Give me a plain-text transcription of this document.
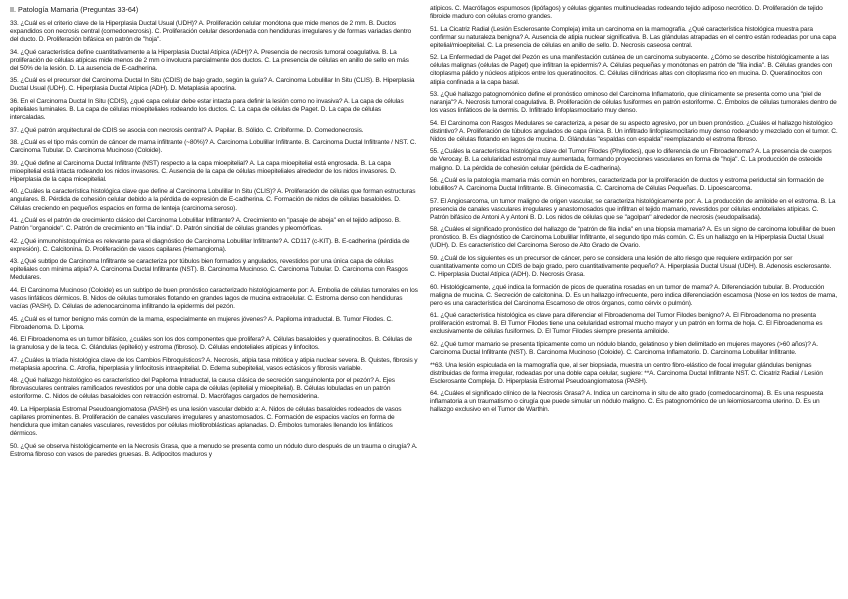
II. Patología Mamaria (Preguntas 33-64)

33. ¿Cuál es el criterio clave de la Hiperplasia Ductal Usual (UDH)? A. Proliferación celular monótona que mide menos de 2 mm. B. Ductos expandidos con necrosis central (comedonecrosis). C. Proliferación celular desordenada con hendiduras irregulares y de formas variadas dentro del ducto. D. Proliferación bifásica en patrón de "hoja".

34. ¿Qué característica define cuantitativamente a la Hiperplasia Ductal Atípica (ADH)? A. Presencia de necrosis tumoral coagulativa. B. La proliferación de células atípicas mide menos de 2 mm o involucra parcialmente dos ductos. C. La presencia de células en anillo de sello en más del 50% de la lesión. D. La ausencia de E-cadherina.

35. ¿Cuál es el precursor del Carcinoma Ductal In Situ (CDIS) de bajo grado, según la guía? A. Carcinoma Lobulillar In Situ (CLIS). B. Hiperplasia Ductal Usual (UDH). C. Hiperplasia Ductal Atípica (ADH). D. Metaplasia apocrina.

36. En el Carcinoma Ductal In Situ (CDIS), ¿qué capa celular debe estar intacta para definir la lesión como no invasiva? A. La capa de células epiteliales luminales. B. La capa de células mioepiteliales rodeando los ductos. C. La capa de células de Paget. D. La capa de células intercaladas.

37. ¿Qué patrón arquitectural de CDIS se asocia con necrosis central? A. Papilar. B. Sólido. C. Cribiforme. D. Comedonecrosis.

38. ¿Cuál es el tipo más común de cáncer de mama infiltrante (~80%)? A. Carcinoma Lobulillar Infiltrante. B. Carcinoma Ductal Infiltrante / NST. C. Carcinoma Tubular. D. Carcinoma Mucinoso (Coloide).

39. ¿Qué define al Carcinoma Ductal Infiltrante (NST) respecto a la capa mioepitelial? A. La capa mioepitelial está engrosada. B. La capa mioepitelial está intacta rodeando los nidos invasores. C. Ausencia de la capa de células mioepiteliales alrededor de los nidos invasores. D. Hiperplasia de la capa mioepitelial.

40. ¿Cuáles la característica histológica clave que define al Carcinoma Lobulillar In Situ (CLIS)? A. Proliferación de células que forman estructuras angulares. B. Pérdida de cohesión celular debido a la pérdida de expresión de E-cadherina. C. Formación de nidos de células basaloides. D. Células creciendo en pequeños espacios en forma de lenteja (carcinoma seroso).

41. ¿Cuál es el patrón de crecimiento clásico del Carcinoma Lobulillar Infiltrante? A. Crecimiento en "pasaje de abeja" en el tejido adiposo. B. Patrón "organoide". C. Patrón de crecimiento en "fila india". D. Patrón sincitial de células grandes y pleomórficas.

42. ¿Qué inmunohistoquímica es relevante para el diagnóstico de Carcinoma Lobulillar Infiltrante? A. CD117 (c-KIT). B. E-cadherina (pérdida de expresión). C. Calcitonina. D. Proliferación de vasos capilares (Hemangioma).

43. ¿Qué subtipo de Carcinoma Infiltrante se caracteriza por túbulos bien formados y angulados, revestidos por una única capa de células epiteliales con mínima atipia? A. Carcinoma Ductal Infiltrante (NST). B. Carcinoma Mucinoso. C. Carcinoma Tubular. D. Carcinoma con Rasgos Medulares.

44. El Carcinoma Mucinoso (Coloide) es un subtipo de buen pronóstico caracterizado histológicamente por: A. Embolia de células tumorales en los vasos linfáticos dérmicos. B. Nidos de células tumorales flotando en grandes lagos de mucina extracelular. C. Estroma denso con hendiduras vacías (PASH). D. Células de adenocarcinoma infiltrando la epidermis del pezón.

45. ¿Cuál es el tumor benigno más común de la mama, especialmente en mujeres jóvenes? A. Papiloma intraductal. B. Tumor Filodes. C. Fibroadenoma. D. Lipoma.

46. El Fibroadenoma es un tumor bifásico, ¿cuáles son los dos componentes que prolifera? A. Células basaloides y queratinocitos. B. Células de la granulosa y de la teca. C. Glándulas (epitelio) y estroma (fibroso). D. Células endoteliales atípicas y linfocitos.

47. ¿Cuáles la tríada histológica clave de los Cambios Fibroquísticos? A. Necrosis, atipia tasa mitótica y atipia nuclear severa. B. Quistes, fibrosis y metaplasia apocrina. C. Atrofia, hiperplasia y linfocitosis intraepitelial. D. Edema subepitelial, vasos ectásicos y fibrosis variable.

48. ¿Qué hallazgo histológico es característico del Papiloma Intraductal, la causa clásica de secreción sanguinolenta por el pezón? A. Ejes fibrovasculares centrales ramificados revestidos por una doble capa de células (epitelial y mioepitelial). B. Células lobuladas en un patrón estoriforme. C. Nidos de células basaloides con retracción estromal. D. Macrófagos cargados de hemosiderina.

49. La Hiperplasia Estromal Pseudoangiomatosa (PASH) es una lesión vascular debido a: A. Nidos de células basaloides rodeados de vasos capilares prominentes. B. Proliferación de canales vasculares irregulares y anastomosados. C. Formación de espacios vacíos en forma de hendidura que imitan canales vasculares, revestidos por células miofibroblásticas aplanadas. D. Émbolos tumorales llenando los linfáticos dérmicos.

50. ¿Qué se observa histológicamente en la Necrosis Grasa, que a menudo se presenta como un nódulo duro después de un trauma o cirugía? A. Estroma fibroso con vasos de paredes gruesas. B. Adipocitos maduros y

atípicos. C. Macrófagos espumosos (lipófagos) y células gigantes multinucleadas rodeando tejido adiposo necrótico. D. Proliferación de tejido fibroide maduro con células cromo grandes.

51. La Cicatriz Radial (Lesión Esclerosante Compleja) imita un carcinoma en la mamografía. ¿Qué característica histológica muestra para confirmar su naturaleza benigna? A. Ausencia de atipia nuclear significativa. B. Las glándulas atrapadas en el centro están rodeadas por una capa epitelial/mioepitelial. C. La presencia de células en anillo de sello. D. Necrosis caseosa central.

52. La Enfermedad de Paget del Pezón es una manifestación cutánea de un carcinoma subyacente. ¿Cómo se describe histológicamente a las células malignas (células de Paget) que infiltran la epidermis? A. Células pequeñas y monótonas en patrón de "fila india". B. Células grandes con citoplasma pálido y núcleos atípicos entre los queratinocitos. C. Células cilíndricas altas con citoplasma rico en mucina. D. Queratinocitos con atipia confinada a la capa basal.

53. ¿Qué hallazgo patognomónico define el pronóstico ominoso del Carcinoma Inflamatorio, que clínicamente se presenta como una "piel de naranja"? A. Necrosis tumoral coagulativa. B. Proliferación de células fusiformes en patrón estoriforme. C. Émbolos de células tumorales dentro de los vasos linfáticos de la dermis. D. Infiltrado linfoplasmocitario muy denso.

54. El Carcinoma con Rasgos Medulares se caracteriza, a pesar de su aspecto agresivo, por un buen pronóstico. ¿Cuáles el hallazgo histológico distintivo? A. Proliferación de túbulos angulados de capa única. B. Un infiltrado linfoplasmocitario muy denso rodeando y mezclado con el tumor. C. Nidos de células flotando en lagos de mucina. D. Glándulas "espaldas con espalda" reemplazando el estroma fibroso.

55. ¿Cuáles la característica histológica clave del Tumor Filodes (Phyllodes), que lo diferencia de un Fibroadenoma? A. La presencia de cuerpos de Verocay. B. La celularidad estromal muy aumentada, formando proyecciones vasculares en forma de "hoja". C. La producción de osteoide maligno. D. La pérdida de cohesión celular (pérdida de E-cadherina).

56. ¿Cuál es la patología mamaria más común en hombres, caracterizada por la proliferación de ductos y estroma periductal sin formación de lobulillos? A. Carcinoma Ductal Infiltrante. B. Ginecomastia. C. Carcinoma de Células Pequeñas. D. Lipoescarcoma.

57. El Angiosarcoma, un tumor maligno de origen vascular, se caracteriza histológicamente por: A. La producción de amiloide en el estroma. B. La presencia de canales vasculares irregulares y anastomosados que infiltran el tejido mamario, revestidos por células endoteliales atípicas. C. Patrón bifásico de Antoni A y Antoni B. D. Los nidos de células que se "agolpan" alrededor de necrosis (seudopalisada).

58. ¿Cuáles el significado pronóstico del hallazgo de "patrón de fila india" en una biopsia mamaria? A. Es un signo de carcinoma lobulillar de buen pronóstico. B. Es diagnóstico de Carcinoma Lobulillar Infiltrante, el segundo tipo más común. C. Es un hallazgo en la Hiperplasia Ductal Usual (UDH). D. Es característico del Carcinoma Seroso de Alto Grado de Ovario.

59. ¿Cuál de los siguientes es un precursor de cáncer, pero se considera una lesión de alto riesgo que requiere extirpación por ser cuantitativamente como un CDIS de bajo grado, pero cuantitativamente pequeño? A. Hiperplasia Ductal Usual (UDH). B. Adenosis esclerosante. C. Hiperplasia Ductal Atípica (ADH). D. Necrosis Grasa.

60. Histológicamente, ¿qué indica la formación de picos de queratina rosadas en un tumor de mama? A. Diferenciación tubular. B. Producción maligna de mucina. C. Secreción de calcitonina. D. Es un hallazgo infrecuente, pero indica diferenciación escamosa (Nose en los textos de mama, pero es una característica del Carcinoma Escamoso de otros órganos, como cérvix o pulmón).

61. ¿Qué característica histológica es clave para diferenciar el Fibroadenoma del Tumor Filodes benigno? A. El Fibroadenoma no presenta proliferación estromal. B. El Tumor Filodes tiene una celularidad estromal mucho mayor y un patrón en forma de hoja. C. El Fibroadenoma es exclusivamente de células fusiformes. D. El Tumor Filodes siempre presenta amiloide.

62. ¿Qué tumor mamario se presenta típicamente como un nódulo blando, gelatinoso y bien delimitado en mujeres mayores (>60 años)? A. Carcinoma Ductal Infiltrante (NST). B. Carcinoma Mucinoso (Coloide). C. Carcinoma Inflamatorio. D. Carcinoma Lobulillar Infiltrante.

**63. Una lesión espiculada en la mamografía que, al ser biopsiada, muestra un centro fibro-elástico de focal irregular glándulas benignas distribuidas de forma irregular, rodeadas por una doble capa celular, sugiere: **A. Carcinoma Ductal Infiltrante NST. C. Cicatriz Radial / Lesión Esclerosante Compleja. D. Hiperplasia Estromal Pseudoangiomatosa (PASH).

64. ¿Cuáles el significado clínico de la Necrosis Grasa? A. Indica un carcinoma in situ de alto grado (comedocarcinoma). B. Es una respuesta inflamatoria a un traumatismo o cirugía que puede simular un nódulo maligno. C. Es patognomónico de un leiomiosarcoma uterino. D. Es un hallazgo exclusivo en el Tumor de Warthin.
